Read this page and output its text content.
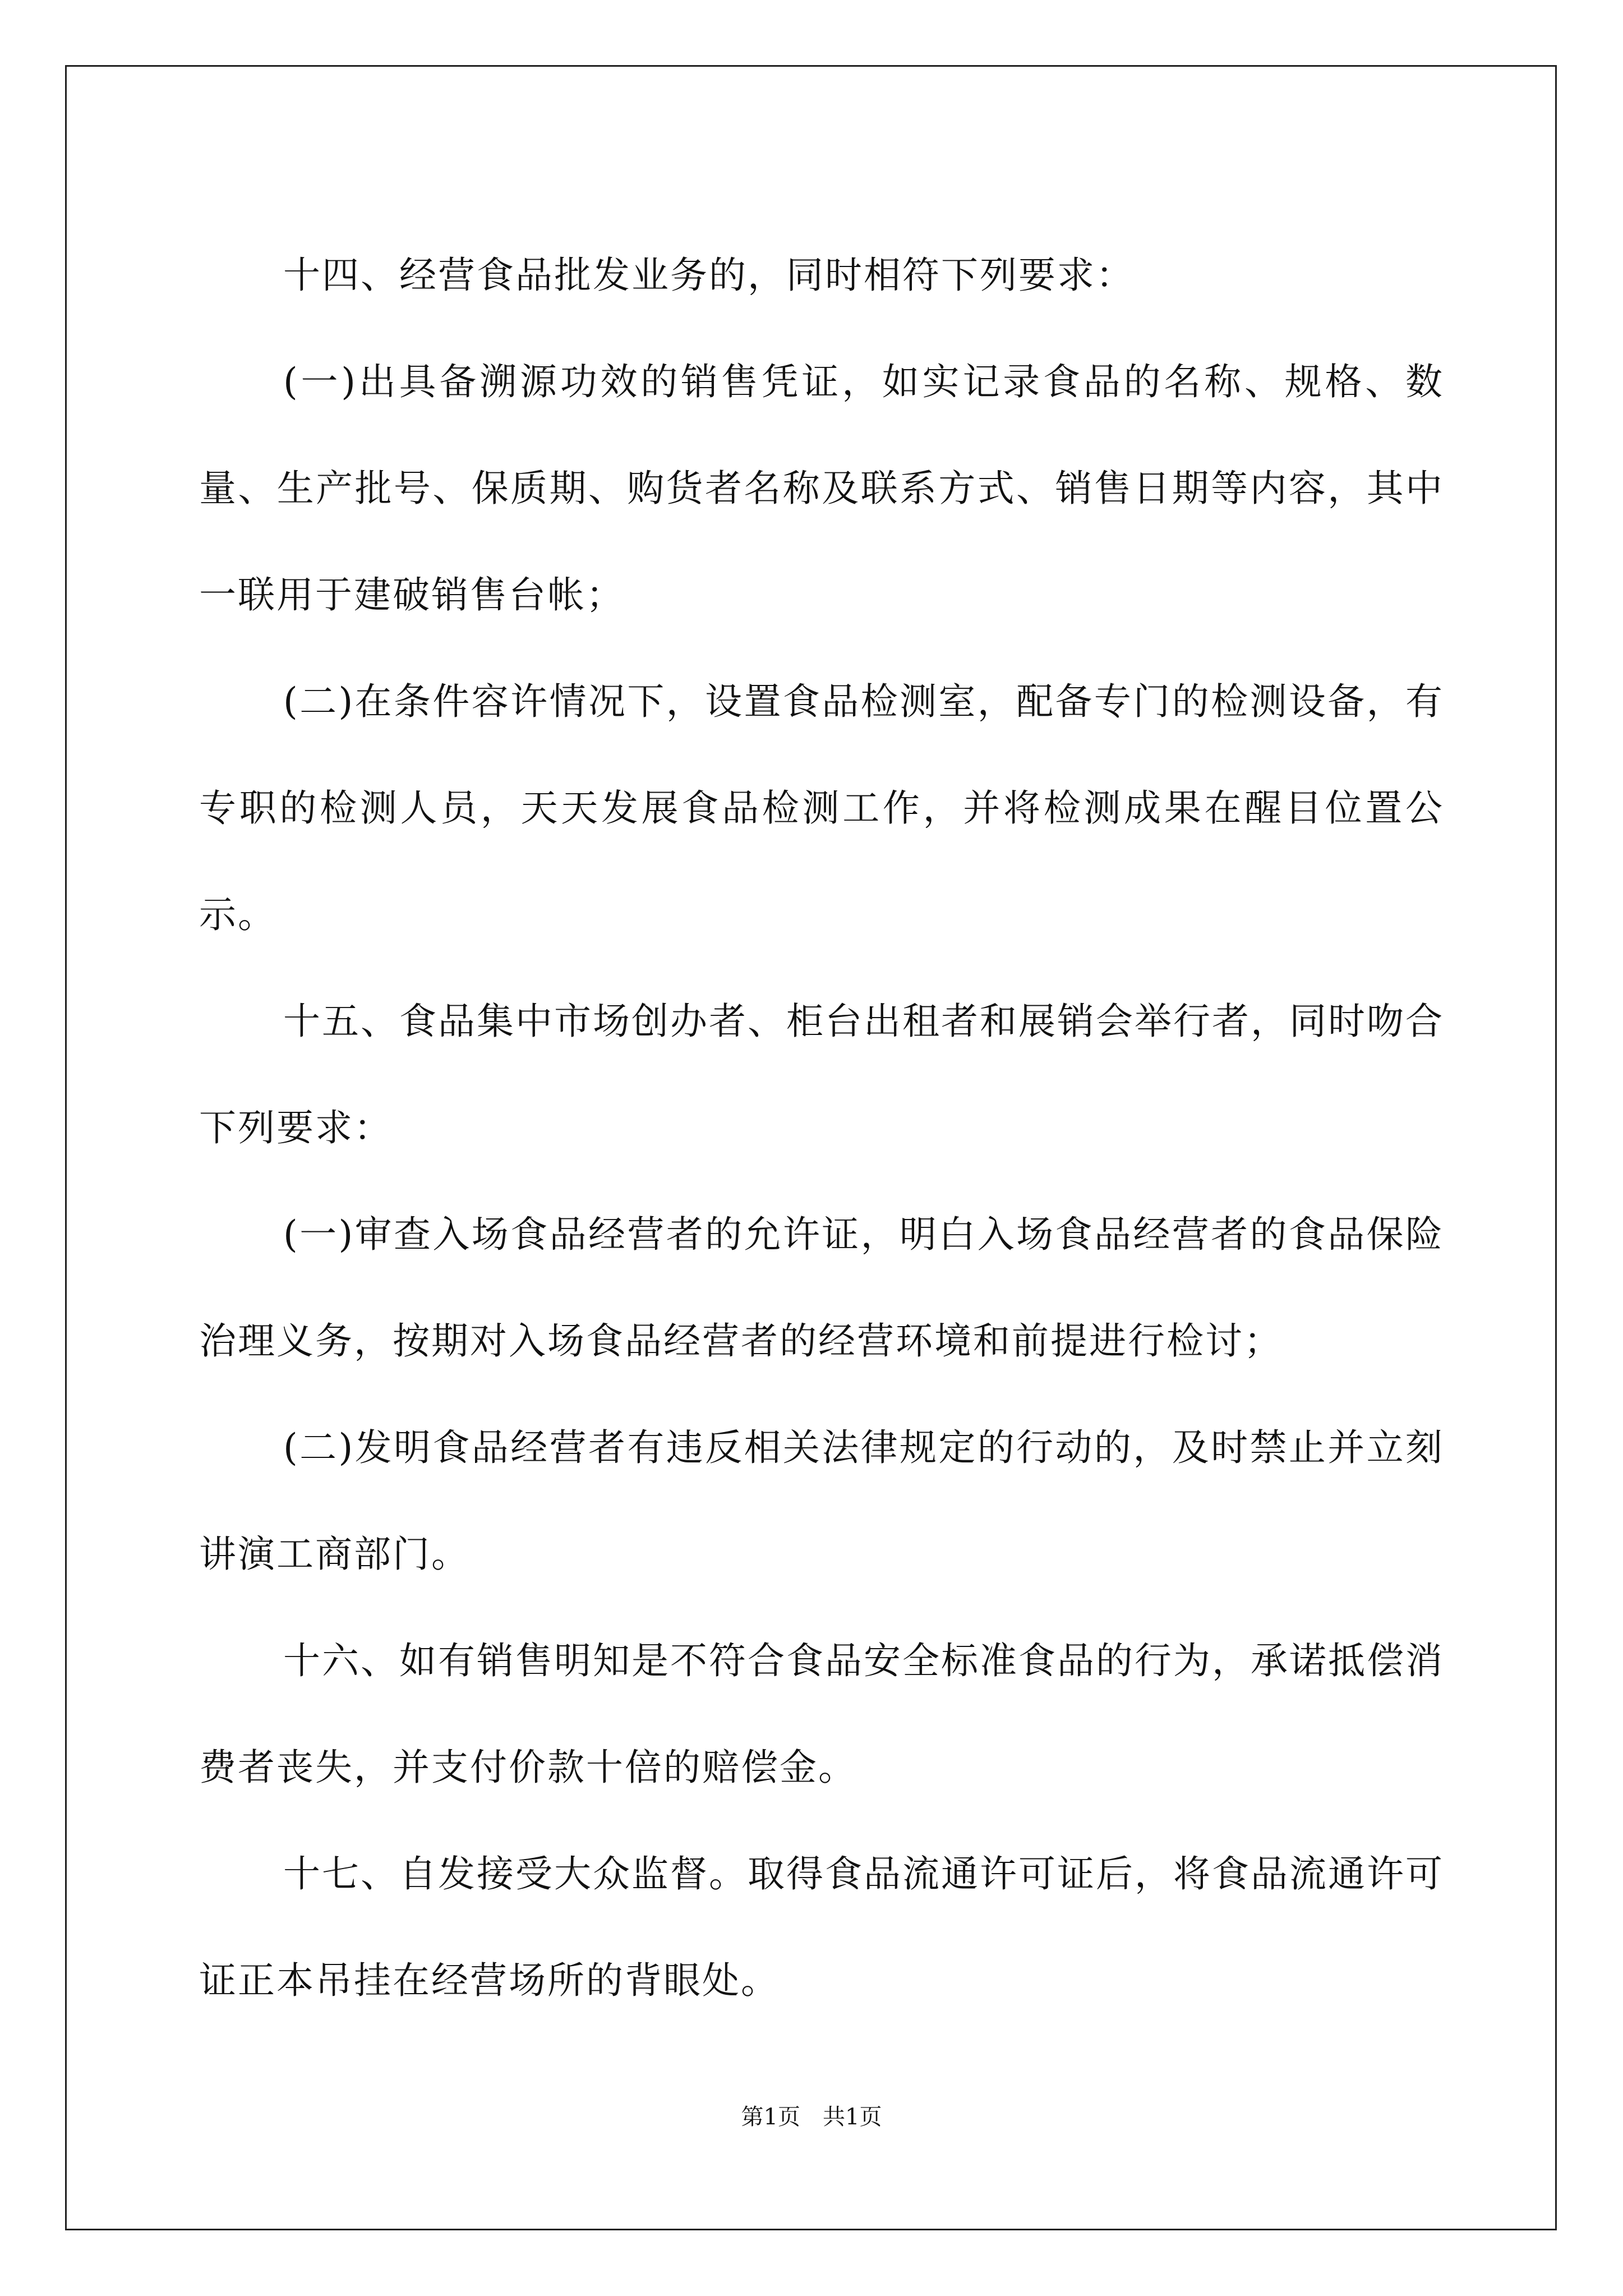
十四、经营食品批发业务的，同时相符下列要求：

(一)出具备溯源功效的销售凭证，如实记录食品的名称、规格、数量、生产批号、保质期、购货者名称及联系方式、销售日期等内容，其中一联用于建破销售台帐；

(二)在条件容许情况下，设置食品检测室，配备专门的检测设备，有专职的检测人员，天天发展食品检测工作，并将检测成果在醒目位置公示。

十五、食品集中市场创办者、柜台出租者和展销会举行者，同时吻合下列要求：

(一)审查入场食品经营者的允许证，明白入场食品经营者的食品保险治理义务，按期对入场食品经营者的经营环境和前提进行检讨；

(二)发明食品经营者有违反相关法律规定的行动的，及时禁止并立刻讲演工商部门。

十六、如有销售明知是不符合食品安全标准食品的行为，承诺抵偿消费者丧失，并支付价款十倍的赔偿金。

十七、自发接受大众监督。取得食品流通许可证后，将食品流通许可证正本吊挂在经营场所的背眼处。

第1页 共1页
